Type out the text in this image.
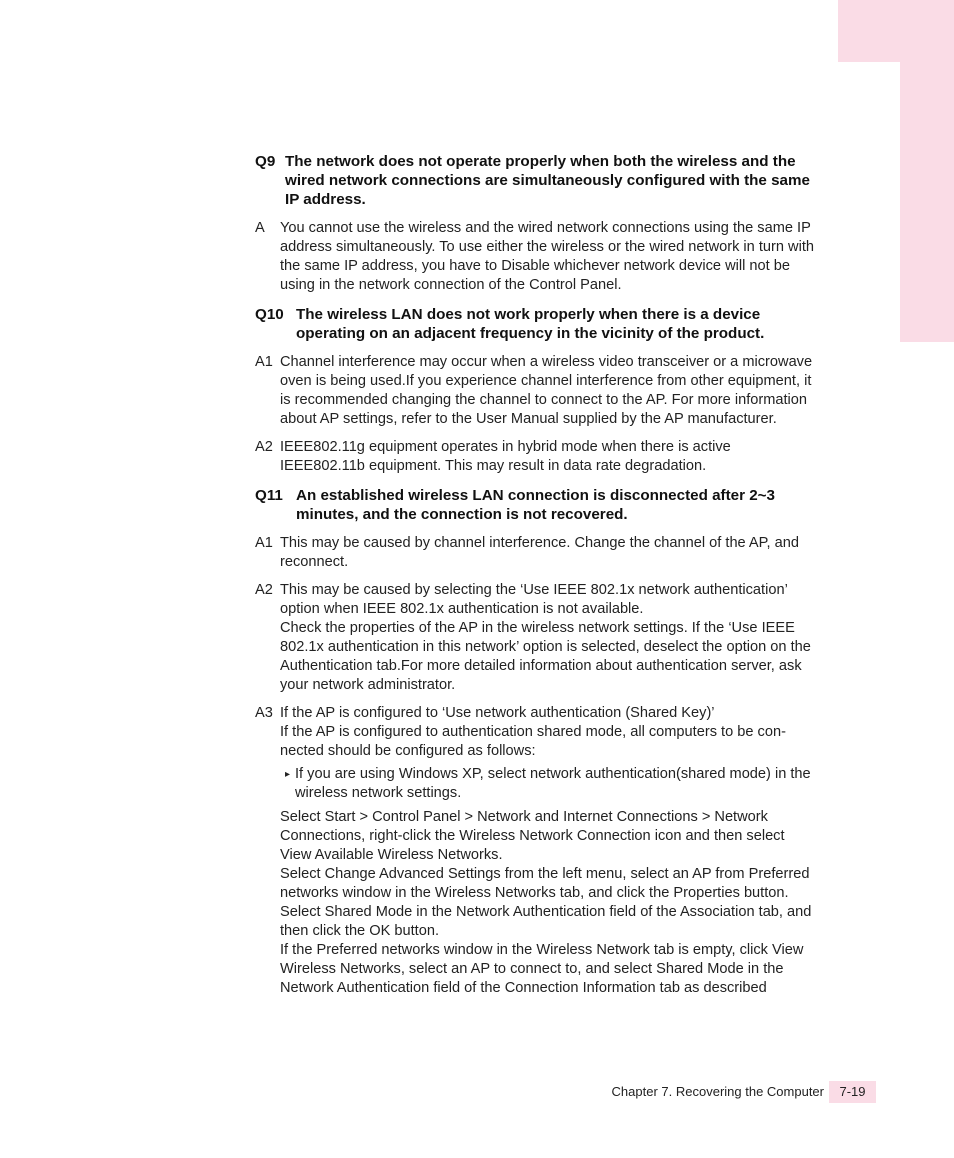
Q9 The network does not operate properly when both the wireless and the wired network connections are simultaneously configured with the same IP address.
A	You cannot use the wireless and the wired network connections using the same IP address simultaneously. To use either the wireless or the wired network in turn with the same IP address, you have to Disable whichever network device will not be using in the network connection of the Control Panel.
Q10 The wireless LAN does not work properly when there is a device operating on an adjacent frequency in the vicinity of the product.
A1 Channel interference may occur when a wireless video transceiver or a microwave oven is being used.If you experience channel interference from other equipment, it is recommended changing the channel to connect to the AP. For more information about AP settings, refer to the User Manual supplied by the AP manufacturer.
A2 IEEE802.11g equipment operates in hybrid mode when there is active IEEE802.11b equipment. This may result in data rate degradation.
Q11 An established wireless LAN connection is disconnected after 2~3 minutes, and the connection is not recovered.
A1 This may be caused by channel interference. Change the channel of the AP, and reconnect.
A2 This may be caused by selecting the ‘Use IEEE 802.1x network authentication’ option when IEEE 802.1x authentication is not available.
Check the properties of the AP in the wireless network settings. If the ‘Use IEEE 802.1x authentication in this network’ option is selected, deselect the option on the Authentication tab.For more detailed information about authentication server, ask your network administrator.
A3 If the AP is configured to ‘Use network authentication (Shared Key)’
If the AP is configured to authentication shared mode, all computers to be con-nected should be configured as follows:
▸ If you are using Windows XP, select network authentication(shared mode) in the wireless network settings.
Select Start > Control Panel > Network and Internet Connections > Network Connections, right-click the Wireless Network Connection icon and then select View Available Wireless Networks.
Select Change Advanced Settings from the left menu, select an AP from Preferred networks window in the Wireless Networks tab, and click the Properties button.
Select Shared Mode in the Network Authentication field of the Association tab, and then click the OK button.
If the Preferred networks window in the Wireless Network tab is empty, click View Wireless Networks, select an AP to connect to, and select Shared Mode in the Network Authentication field of the Connection Information tab as described
Chapter 7. Recovering the Computer	7-19
